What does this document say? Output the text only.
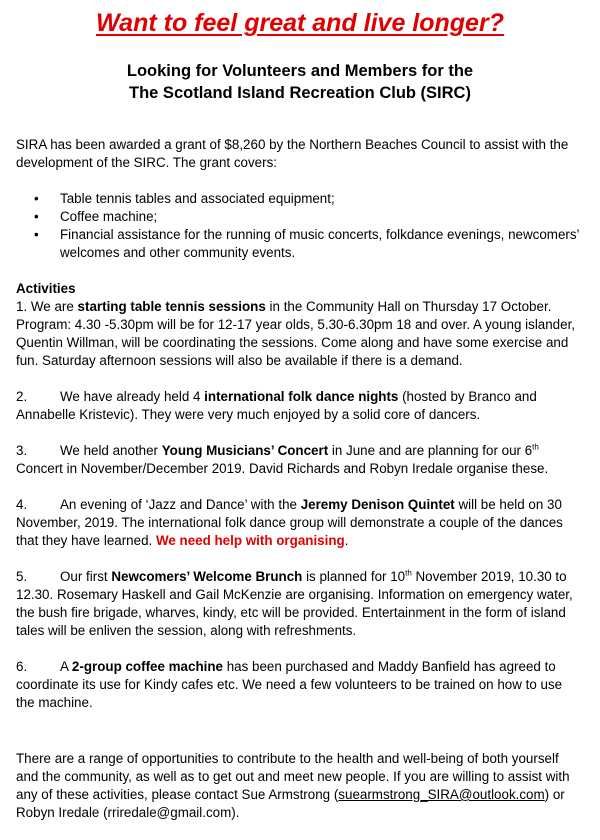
Want to feel great and live longer?
Looking for Volunteers and Members for the
The Scotland Island Recreation Club (SIRC)

SIRA has been awarded a grant of $8,260 by the Northern Beaches Council to assist with the development of the SIRC. The grant covers:

• Table tennis tables and associated equipment;
• Coffee machine;
• Financial assistance for the running of music concerts, folkdance evenings, newcomers’ welcomes and other community events.
Activities

1. We are starting table tennis sessions in the Community Hall on Thursday 17 October. Program: 4.30 -5.30pm will be for 12-17 year olds, 5.30-6.30pm 18 and over. A young islander, Quentin Willman, will be coordinating the sessions. Come along and have some exercise and fun. Saturday afternoon sessions will also be available if there is a demand.

2. We have already held 4 international folk dance nights (hosted by Branco and Annabelle Kristevic). They were very much enjoyed by a solid core of dancers.

3. We held another Young Musicians’ Concert in June and are planning for our 6th Concert in November/December 2019. David Richards and Robyn Iredale organise these.

4. An evening of ‘Jazz and Dance’ with the Jeremy Denison Quintet will be held on 30 November, 2019. The international folk dance group will demonstrate a couple of the dances that they have learned. We need help with organising.

5. Our first Newcomers’ Welcome Brunch is planned for 10th November 2019, 10.30 to 12.30. Rosemary Haskell and Gail McKenzie are organising. Information on emergency water, the bush fire brigade, wharves, kindy, etc will be provided. Entertainment in the form of island tales will be enliven the session, along with refreshments.

6. A 2-group coffee machine has been purchased and Maddy Banfield has agreed to coordinate its use for Kindy cafes etc. We need a few volunteers to be trained on how to use the machine.

There are a range of opportunities to contribute to the health and well-being of both yourself and the community, as well as to get out and meet new people. If you are willing to assist with any of these activities, please contact Sue Armstrong (suearmstrong_SIRA@outlook.com) or Robyn Iredale (rriredale@gmail.com).
